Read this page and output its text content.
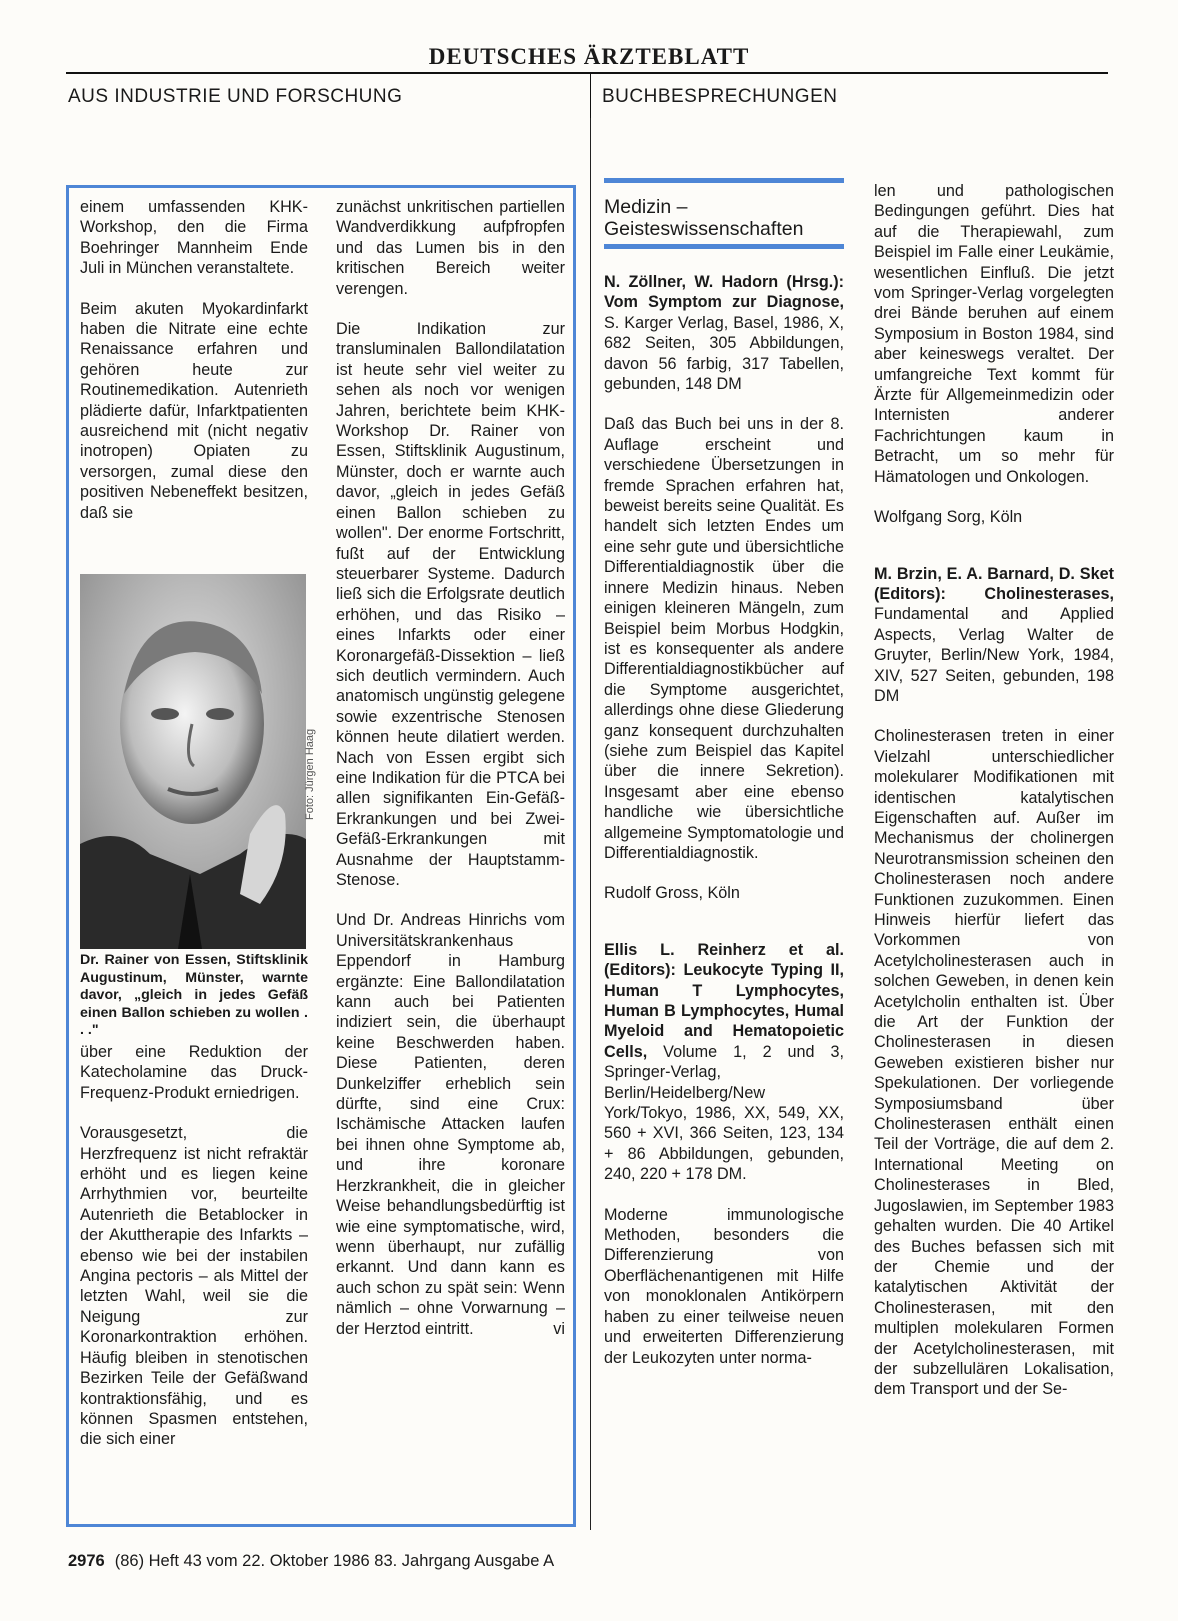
DEUTSCHES ÄRZTEBLATT
AUS INDUSTRIE UND FORSCHUNG	BUCHBESPRECHUNGEN

einem umfassenden KHK-Workshop, den die Firma Boehringer Mannheim Ende Juli in München veranstaltete.

Beim akuten Myokardinfarkt haben die Nitrate eine echte Renaissance erfahren und gehören heute zur Routinemedikation. Autenrieth plädierte dafür, Infarktpatienten ausreichend mit (nicht negativ inotropen) Opiaten zu versorgen, zumal diese den positiven Nebeneffekt besitzen, daß sie

Foto: Jürgen Haag
Dr. Rainer von Essen, Stiftsklinik Augustinum, Münster, warnte davor, „gleich in jedes Gefäß einen Ballon schieben zu wollen . . ."

über eine Reduktion der Katecholamine das Druck-Frequenz-Produkt erniedrigen.

Vorausgesetzt, die Herzfrequenz ist nicht refraktär erhöht und es liegen keine Arrhythmien vor, beurteilte Autenrieth die Betablocker in der Akuttherapie des Infarkts – ebenso wie bei der instabilen Angina pectoris – als Mittel der letzten Wahl, weil sie die Neigung zur Koronarkontraktion erhöhen. Häufig bleiben in stenotischen Bezirken Teile der Gefäßwand kontraktionsfähig, und es können Spasmen entstehen, die sich einer

zunächst unkritischen partiellen Wandverdikkung aufpfropfen und das Lumen bis in den kritischen Bereich weiter verengen.

Die Indikation zur transluminalen Ballondilatation ist heute sehr viel weiter zu sehen als noch vor wenigen Jahren, berichtete beim KHK-Workshop Dr. Rainer von Essen, Stiftsklinik Augustinum, Münster, doch er warnte auch davor, „gleich in jedes Gefäß einen Ballon schieben zu wollen". Der enorme Fortschritt, fußt auf der Entwicklung steuerbarer Systeme. Dadurch ließ sich die Erfolgsrate deutlich erhöhen, und das Risiko – eines Infarkts oder einer Koronargefäß-Dissektion – ließ sich deutlich vermindern. Auch anatomisch ungünstig gelegene sowie exzentrische Stenosen können heute dilatiert werden. Nach von Essen ergibt sich eine Indikation für die PTCA bei allen signifikanten Ein-Gefäß-Erkrankungen und bei Zwei-Gefäß-Erkrankungen mit Ausnahme der Hauptstamm-Stenose.

Und Dr. Andreas Hinrichs vom Universitätskrankenhaus Eppendorf in Hamburg ergänzte: Eine Ballondilatation kann auch bei Patienten indiziert sein, die überhaupt keine Beschwerden haben. Diese Patienten, deren Dunkelziffer erheblich sein dürfte, sind eine Crux: Ischämische Attacken laufen bei ihnen ohne Symptome ab, und ihre koronare Herzkrankheit, die in gleicher Weise behandlungsbedürftig ist wie eine symptomatische, wird, wenn überhaupt, nur zufällig erkannt. Und dann kann es auch schon zu spät sein: Wenn nämlich – ohne Vorwarnung – der Herztod eintritt.	vi

Medizin – Geisteswissenschaften

N. Zöllner, W. Hadorn (Hrsg.): Vom Symptom zur Diagnose, S. Karger Verlag, Basel, 1986, X, 682 Seiten, 305 Abbildungen, davon 56 farbig, 317 Tabellen, gebunden, 148 DM

Daß das Buch bei uns in der 8. Auflage erscheint und verschiedene Übersetzungen in fremde Sprachen erfahren hat, beweist bereits seine Qualität. Es handelt sich letzten Endes um eine sehr gute und übersichtliche Differentialdiagnostik über die innere Medizin hinaus. Neben einigen kleineren Mängeln, zum Beispiel beim Morbus Hodgkin, ist es konsequenter als andere Differentialdiagnostikbücher auf die Symptome ausgerichtet, allerdings ohne diese Gliederung ganz konsequent durchzuhalten (siehe zum Beispiel das Kapitel über die innere Sekretion). Insgesamt aber eine ebenso handliche wie übersichtliche allgemeine Symptomatologie und Differentialdiagnostik.

Rudolf Gross, Köln

Ellis L. Reinherz et al. (Editors): Leukocyte Typing II, Human T Lymphocytes, Human B Lymphocytes, Humal Myeloid and Hematopoietic Cells, Volume 1, 2 und 3, Springer-Verlag, Berlin/Heidelberg/New York/Tokyo, 1986, XX, 549, XX, 560 + XVI, 366 Seiten, 123, 134 + 86 Abbildungen, gebunden, 240, 220 + 178 DM.

Moderne immunologische Methoden, besonders die Differenzierung von Oberflächenantigenen mit Hilfe von monoklonalen Antikörpern haben zu einer teilweise neuen und erweiterten Differenzierung der Leukozyten unter norma-

len und pathologischen Bedingungen geführt. Dies hat auf die Therapiewahl, zum Beispiel im Falle einer Leukämie, wesentlichen Einfluß. Die jetzt vom Springer-Verlag vorgelegten drei Bände beruhen auf einem Symposium in Boston 1984, sind aber keineswegs veraltet. Der umfangreiche Text kommt für Ärzte für Allgemeinmedizin oder Internisten anderer Fachrichtungen kaum in Betracht, um so mehr für Hämatologen und Onkologen.

Wolfgang Sorg, Köln

M. Brzin, E. A. Barnard, D. Sket (Editors): Cholinesterases, Fundamental and Applied Aspects, Verlag Walter de Gruyter, Berlin/New York, 1984, XIV, 527 Seiten, gebunden, 198 DM

Cholinesterasen treten in einer Vielzahl unterschiedlicher molekularer Modifikationen mit identischen katalytischen Eigenschaften auf. Außer im Mechanismus der cholinergen Neurotransmission scheinen den Cholinesterasen noch andere Funktionen zuzukommen. Einen Hinweis hierfür liefert das Vorkommen von Acetylcholinesterasen auch in solchen Geweben, in denen kein Acetylcholin enthalten ist. Über die Art der Funktion der Cholinesterasen in diesen Geweben existieren bisher nur Spekulationen. Der vorliegende Symposiumsband über Cholinesterasen enthält einen Teil der Vorträge, die auf dem 2. International Meeting on Cholinesterases in Bled, Jugoslawien, im September 1983 gehalten wurden. Die 40 Artikel des Buches befassen sich mit der Chemie und der katalytischen Aktivität der Cholinesterasen, mit den multiplen molekularen Formen der Acetylcholinesterasen, mit der subzellulären Lokalisation, dem Transport und der Se-

2976 (86) Heft 43 vom 22. Oktober 1986 83. Jahrgang Ausgabe A
